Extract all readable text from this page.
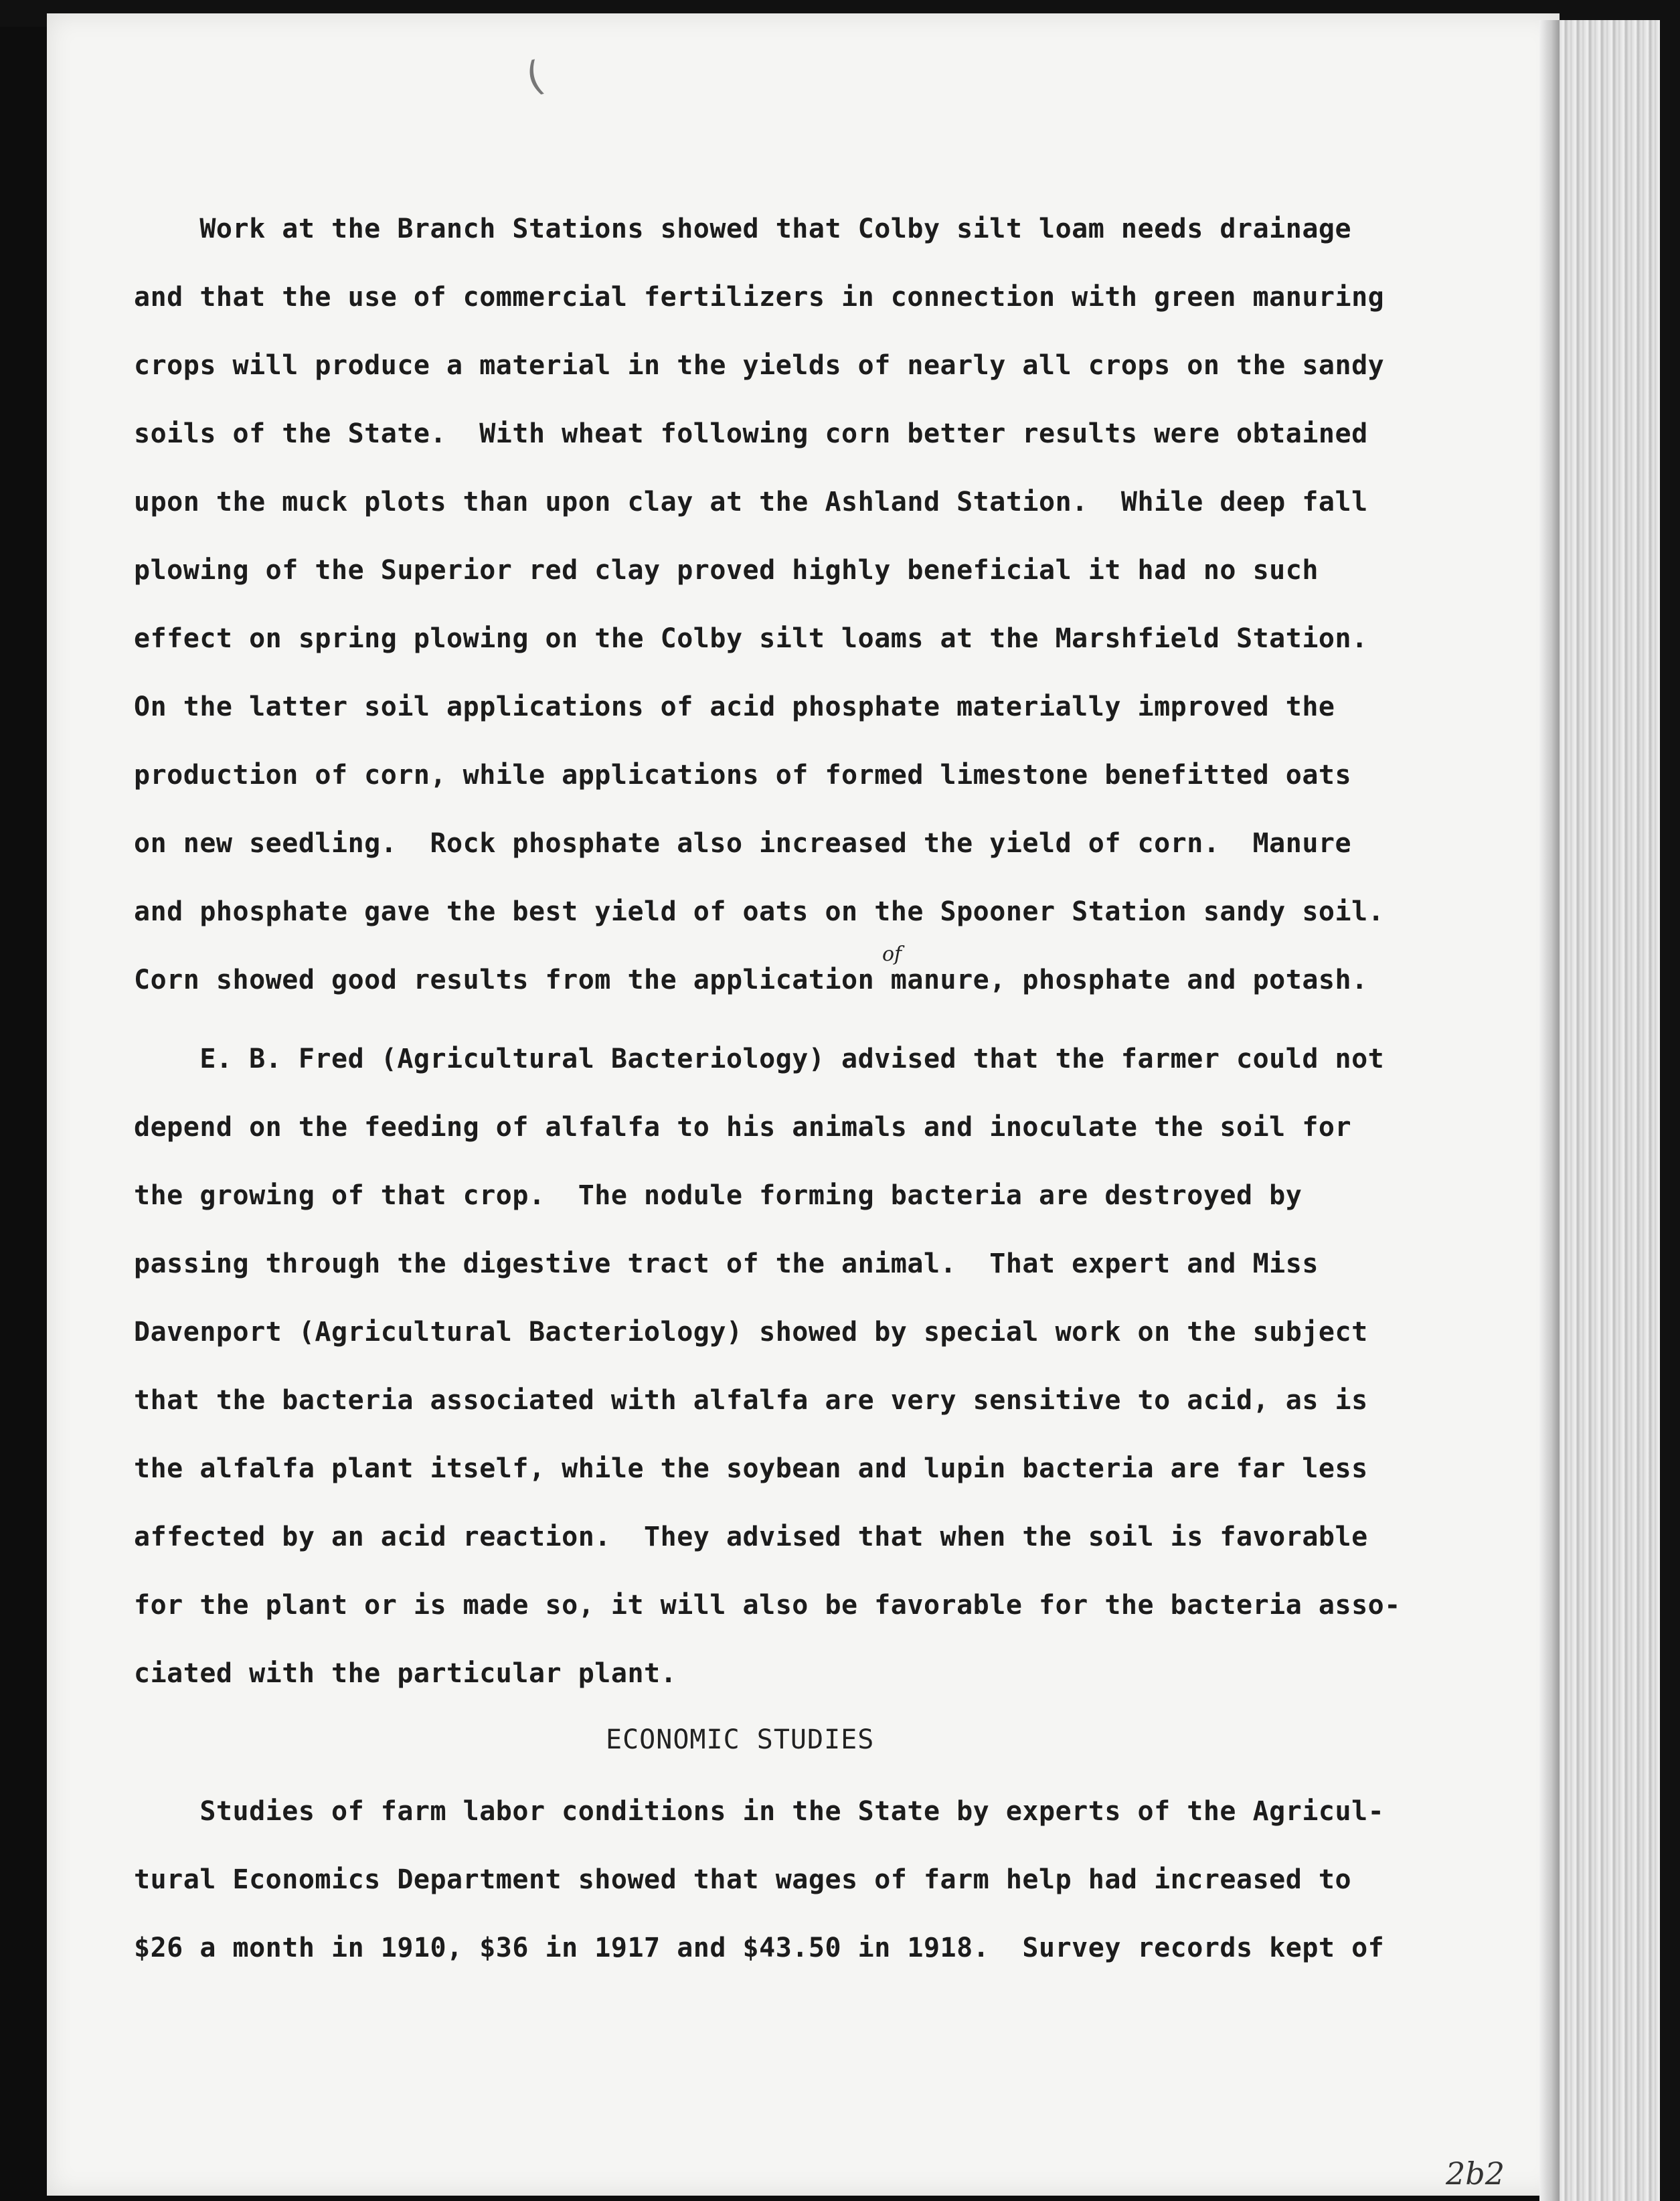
(
Work at the Branch Stations showed that Colby silt loam needs drainage
and that the use of commercial fertilizers in connection with green manuring
crops will produce a material in the yields of nearly all crops on the sandy
soils of the State.  With wheat following corn better results were obtained
upon the muck plots than upon clay at the Ashland Station.  While deep fall
plowing of the Superior red clay proved highly beneficial it had no such
effect on spring plowing on the Colby silt loams at the Marshfield Station.
On the latter soil applications of acid phosphate materially improved the
production of corn, while applications of formed limestone benefitted oats
on new seedling.  Rock phosphate also increased the yield of corn.  Manure
and phosphate gave the best yield of oats on the Spooner Station sandy soil.
Corn showed good results from the application manure, phosphate and potash.
of
E. B. Fred (Agricultural Bacteriology) advised that the farmer could not
depend on the feeding of alfalfa to his animals and inoculate the soil for
the growing of that crop.  The nodule forming bacteria are destroyed by
passing through the digestive tract of the animal.  That expert and Miss
Davenport (Agricultural Bacteriology) showed by special work on the subject
that the bacteria associated with alfalfa are very sensitive to acid, as is
the alfalfa plant itself, while the soybean and lupin bacteria are far less
affected by an acid reaction.  They advised that when the soil is favorable
for the plant or is made so, it will also be favorable for the bacteria asso-
ciated with the particular plant.
ECONOMIC STUDIES
Studies of farm labor conditions in the State by experts of the Agricul-
tural Economics Department showed that wages of farm help had increased to
$26 a month in 1910, $36 in 1917 and $43.50 in 1918.  Survey records kept of
2b2
